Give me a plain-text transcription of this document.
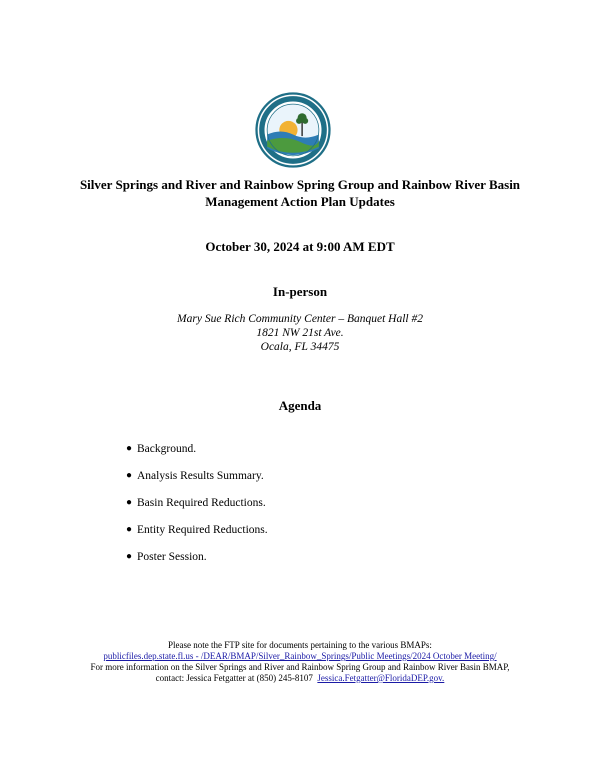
Silver Springs and River and Rainbow Spring Group and Rainbow River Basin
Management Action Plan Updates
October 30, 2024 at 9:00 AM EDT
In-person
Mary Sue Rich Community Center – Banquet Hall #2
1821 NW 21st Ave.
Ocala, FL 34475
Agenda
● Background.
● Analysis Results Summary.
● Basin Required Reductions.
● Entity Required Reductions.
● Poster Session.
Please note the FTP site for documents pertaining to the various BMAPs:
publicfiles.dep.state.fl.us - /DEAR/BMAP/Silver_Rainbow_Springs/Public Meetings/2024 October Meeting/
For more information on the Silver Springs and River and Rainbow Spring Group and Rainbow River Basin BMAP,
contact: Jessica Fetgatter at (850) 245-8107 Jessica.Fetgatter@FloridaDEP.gov.
